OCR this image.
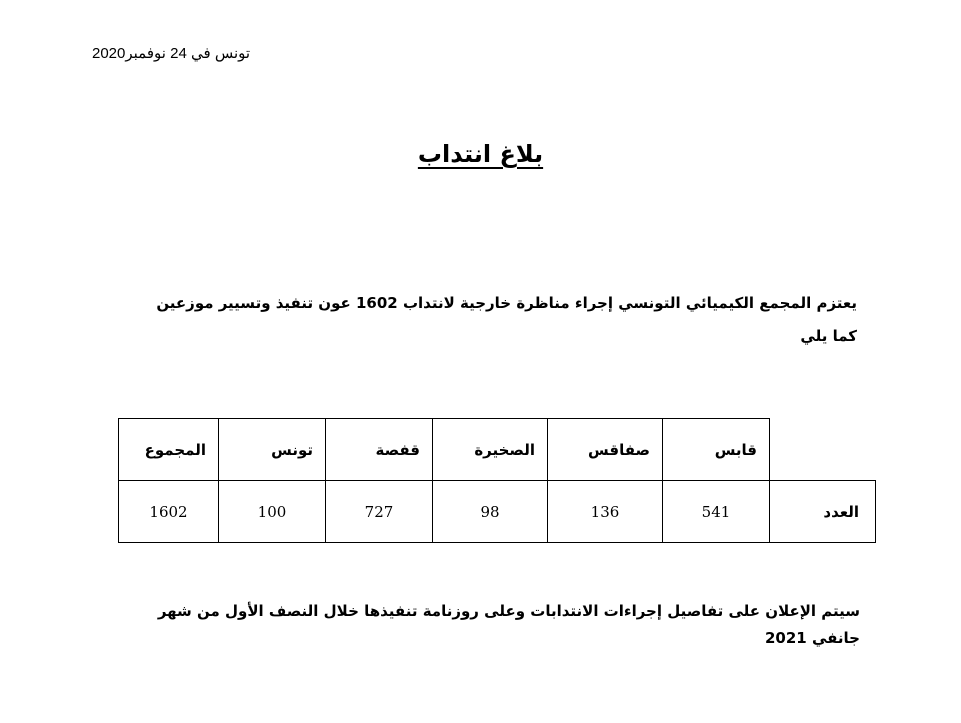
تونس في 24 نوفمبر2020
بلاغ انتداب
يعتزم المجمع الكيميائي التونسي إجراء مناظرة خارجية لانتداب 1602 عون تنفيذ وتسيير موزعين
كما يلي
	قابس	صفاقس	الصخيرة	قفصة	تونس	المجموع
العدد	541	136	98	727	100	1602
سيتم الإعلان على تفاصيل إجراءات الانتدابات وعلى روزنامة تنفيذها خلال النصف الأول من شهر
جانفي 2021
